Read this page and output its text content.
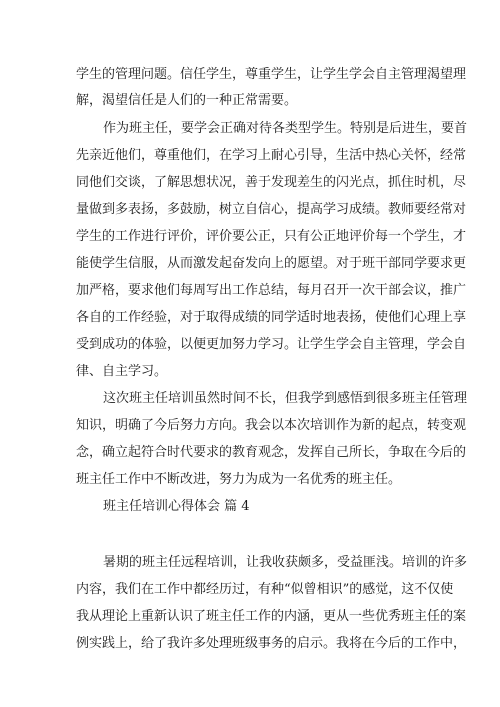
学生的管理问题。信任学生，尊重学生，让学生学会自主管理渴望理
解，渴望信任是人们的一种正常需要。
作为班主任，要学会正确对待各类型学生。特别是后进生，要首
先亲近他们，尊重他们，在学习上耐心引导，生活中热心关怀，经常
同他们交谈，了解思想状况，善于发现差生的闪光点，抓住时机，尽
量做到多表扬，多鼓励，树立自信心，提高学习成绩。教师要经常对
学生的工作进行评价，评价要公正，只有公正地评价每一个学生，才
能使学生信服，从而激发起奋发向上的愿望。对于班干部同学要求更
加严格，要求他们每周写出工作总结，每月召开一次干部会议，推广
各自的工作经验，对于取得成绩的同学适时地表扬，使他们心理上享
受到成功的体验，以便更加努力学习。让学生学会自主管理，学会自
律、自主学习。
这次班主任培训虽然时间不长，但我学到感悟到很多班主任管理
知识，明确了今后努力方向。我会以本次培训作为新的起点，转变观
念，确立起符合时代要求的教育观念，发挥自己所长，争取在今后的
班主任工作中不断改进，努力为成为一名优秀的班主任。
班主任培训心得体会 篇 4
暑期的班主任远程培训，让我收获颇多，受益匪浅。培训的许多
内容，我们在工作中都经历过，有种“似曾相识”的感觉，这不仅使
我从理论上重新认识了班主任工作的内涵，更从一些优秀班主任的案
例实践上，给了我许多处理班级事务的启示。我将在今后的工作中，
